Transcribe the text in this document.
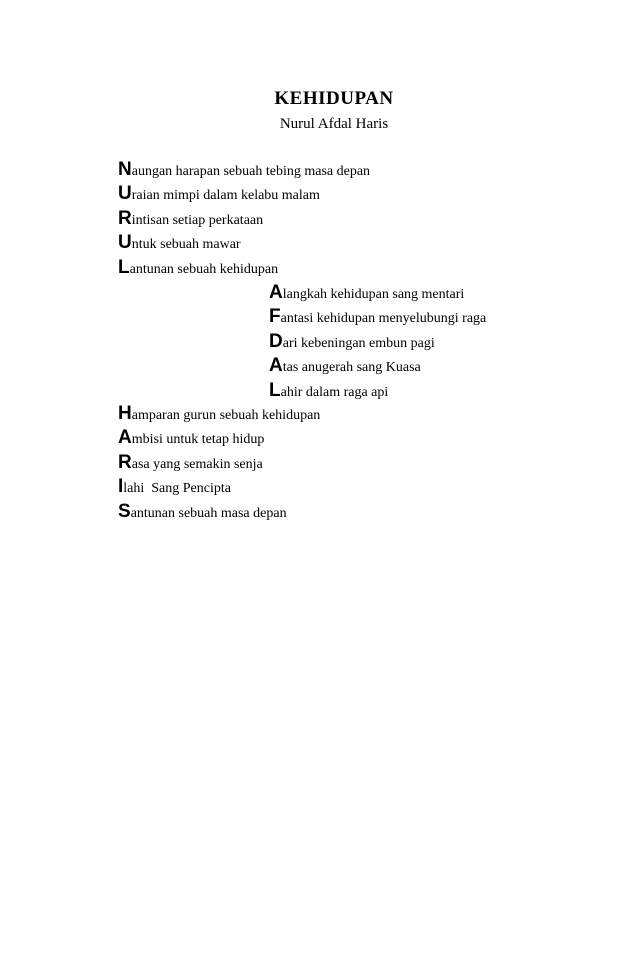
KEHIDUPAN
Nurul Afdal Haris
Naungan harapan sebuah tebing masa depan
Uraian mimpi dalam kelabu malam
Rintisan setiap perkataan
Untuk sebuah mawar
Lantunan sebuah kehidupan
Alangkah kehidupan sang mentari
Fantasi kehidupan menyelubungi raga
Dari kebeningan embun pagi
Atas anugerah sang Kuasa
Lahir dalam raga api
Hamparan gurun sebuah kehidupan
Ambisi untuk tetap hidup
Rasa yang semakin senja
Ilahi  Sang Pencipta
Santunan sebuah masa depan
